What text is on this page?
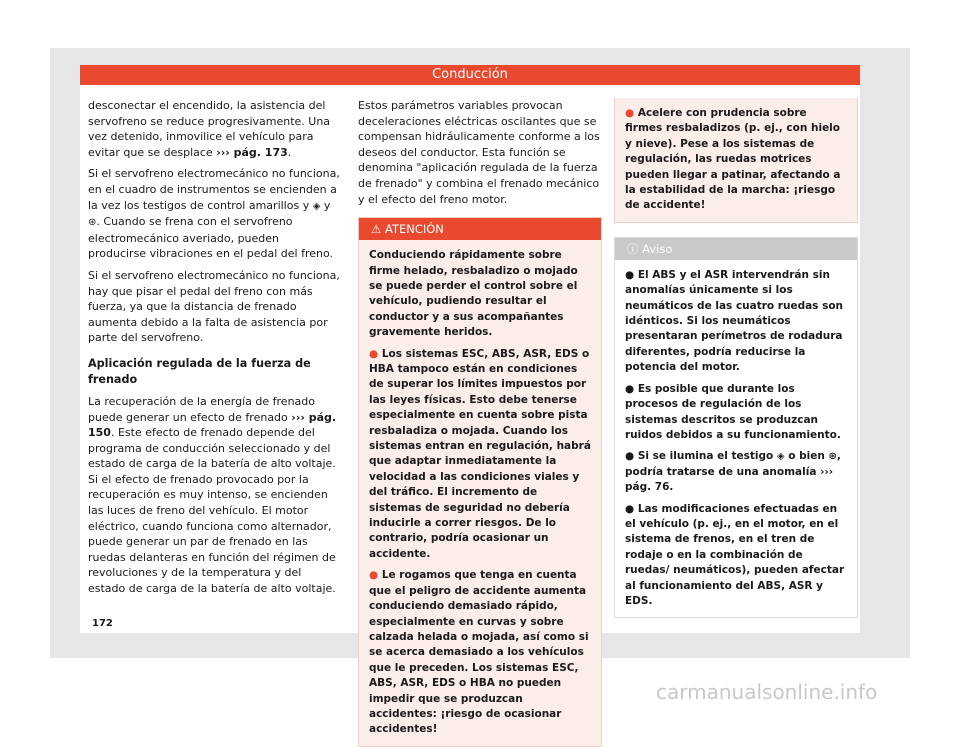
Conducción

desconectar el encendido, la asistencia del servofreno se reduce progresivamente. Una vez detenido, inmovilice el vehículo para evitar que se desplace ››› pág. 173.

Si el servofreno electromecánico no funciona, en el cuadro de instrumentos se encienden a la vez los testigos de control amarillos y ◈ y ⊛. Cuando se frena con el servofreno electromecánico averiado, pueden producirse vibraciones en el pedal del freno.

Si el servofreno electromecánico no funciona, hay que pisar el pedal del freno con más fuerza, ya que la distancia de frenado aumenta debido a la falta de asistencia por parte del servofreno.

Aplicación regulada de la fuerza de frenado

La recuperación de la energía de frenado puede generar un efecto de frenado ››› pág. 150. Este efecto de frenado depende del programa de conducción seleccionado y del estado de carga de la batería de alto voltaje. Si el efecto de frenado provocado por la recuperación es muy intenso, se encienden las luces de freno del vehículo. El motor eléctrico, cuando funciona como alternador, puede generar un par de frenado en las ruedas delanteras en función del régimen de revoluciones y de la temperatura y del estado de carga de la batería de alto voltaje.

Estos parámetros variables provocan deceleraciones eléctricas oscilantes que se compensan hidráulicamente conforme a los deseos del conductor. Esta función se denomina "aplicación regulada de la fuerza de frenado" y combina el frenado mecánico y el efecto del freno motor.

⚠ ATENCIÓN

Conduciendo rápidamente sobre firme helado, resbaladizo o mojado se puede perder el control sobre el vehículo, pudiendo resultar el conductor y a sus acompañantes gravemente heridos.

● Los sistemas ESC, ABS, ASR, EDS o HBA tampoco están en condiciones de superar los límites impuestos por las leyes físicas. Esto debe tenerse especialmente en cuenta sobre pista resbaladiza o mojada. Cuando los sistemas entran en regulación, habrá que adaptar inmediatamente la velocidad a las condiciones viales y del tráfico. El incremento de sistemas de seguridad no debería inducirle a correr riesgos. De lo contrario, podría ocasionar un accidente.

● Le rogamos que tenga en cuenta que el peligro de accidente aumenta conduciendo demasiado rápido, especialmente en curvas y sobre calzada helada o mojada, así como si se acerca demasiado a los vehículos que le preceden. Los sistemas ESC, ABS, ASR, EDS o HBA no pueden impedir que se produzcan accidentes: ¡riesgo de ocasionar accidentes!

● Acelere con prudencia sobre firmes resbaladizos (p. ej., con hielo y nieve). Pese a los sistemas de regulación, las ruedas motrices pueden llegar a patinar, afectando a la estabilidad de la marcha: ¡riesgo de accidente!

ⓘ Aviso

● El ABS y el ASR intervendrán sin anomalías únicamente si los neumáticos de las cuatro ruedas son idénticos. Si los neumáticos presentaran perímetros de rodadura diferentes, podría reducirse la potencia del motor.

● Es posible que durante los procesos de regulación de los sistemas descritos se produzcan ruidos debidos a su funcionamiento.

● Si se ilumina el testigo ◈ o bien ⊛, podría tratarse de una anomalía ››› pág. 76.

● Las modificaciones efectuadas en el vehículo (p. ej., en el motor, en el sistema de frenos, en el tren de rodaje o en la combinación de ruedas/ neumáticos), pueden afectar al funcionamiento del ABS, ASR y EDS.

172
carmanualsonline.info
